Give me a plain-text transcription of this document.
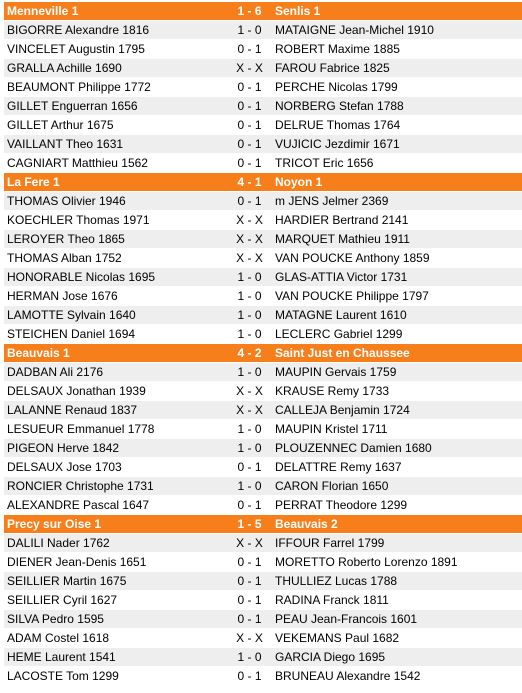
Menneville 1	1 - 6	Senlis 1
BIGORRE Alexandre 1816	1 - 0	MATAIGNE Jean-Michel 1910
VINCELET Augustin 1795	0 - 1	ROBERT Maxime 1885
GRALLA Achille 1690	X - X	FAROU Fabrice 1825
BEAUMONT Philippe 1772	0 - 1	PERCHE Nicolas 1799
GILLET Enguerran 1656	0 - 1	NORBERG Stefan 1788
GILLET Arthur 1675	0 - 1	DELRUE Thomas 1764
VAILLANT Theo 1631	0 - 1	VUJICIC Jezdimir 1671
CAGNIART Matthieu 1562	0 - 1	TRICOT Eric 1656
La Fere 1	4 - 1	Noyon 1
THOMAS Olivier 1946	0 - 1	m JENS Jelmer 2369
KOECHLER Thomas 1971	X - X	HARDIER Bertrand 2141
LEROYER Theo 1865	X - X	MARQUET Mathieu 1911
THOMAS Alban 1752	X - X	VAN POUCKE Anthony 1859
HONORABLE Nicolas 1695	1 - 0	GLAS-ATTIA Victor 1731
HERMAN Jose 1676	1 - 0	VAN POUCKE Philippe 1797
LAMOTTE Sylvain 1640	1 - 0	MATAGNE Laurent 1610
STEICHEN Daniel 1694	1 - 0	LECLERC Gabriel 1299
Beauvais 1	4 - 2	Saint Just en Chaussee
DADBAN Ali 2176	1 - 0	MAUPIN Gervais 1759
DELSAUX Jonathan 1939	X - X	KRAUSE Remy 1733
LALANNE Renaud 1837	X - X	CALLEJA Benjamin 1724
LESUEUR Emmanuel 1778	1 - 0	MAUPIN Kristel 1711
PIGEON Herve 1842	1 - 0	PLOUZENNEC Damien 1680
DELSAUX Jose 1703	0 - 1	DELATTRE Remy 1637
RONCIER Christophe 1731	1 - 0	CARON Florian 1650
ALEXANDRE Pascal 1647	0 - 1	PERRAT Theodore 1299
Precy sur Oise 1	1 - 5	Beauvais 2
DALILI Nader 1762	X - X	IFFOUR Farrel 1799
DIENER Jean-Denis 1651	0 - 1	MORETTO Roberto Lorenzo 1891
SEILLIER Martin 1675	0 - 1	THULLIEZ Lucas 1788
SEILLIER Cyril 1627	0 - 1	RADINA Franck 1811
SILVA Pedro 1595	0 - 1	PEAU Jean-Francois 1601
ADAM Costel 1618	X - X	VEKEMANS Paul 1682
HEME Laurent 1541	1 - 0	GARCIA Diego 1695
LACOSTE Tom 1299	0 - 1	BRUNEAU Alexandre 1542
